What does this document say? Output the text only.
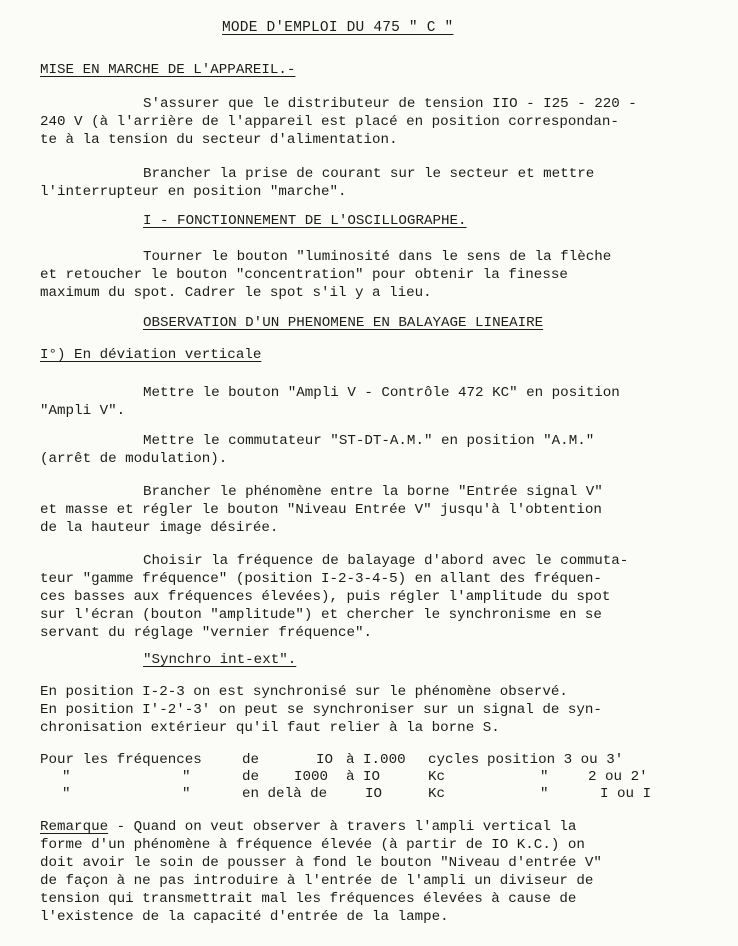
MODE D'EMPLOI DU 475 " C "
MISE EN MARCHE DE L'APPAREIL.-
S'assurer que le distributeur de tension IIO - I25 - 220 -
240 V (à l'arrière de l'appareil est placé en position correspondan-
te à la tension du secteur d'alimentation.
Brancher la prise de courant sur le secteur et mettre
l'interrupteur en position "marche".
I - FONCTIONNEMENT DE L'OSCILLOGRAPHE.
Tourner le bouton "luminosité dans le sens de la flèche
et retoucher le bouton "concentration" pour obtenir la finesse
maximum du spot. Cadrer le spot s'il y a lieu.
OBSERVATION D'UN PHENOMENE EN BALAYAGE LINEAIRE
I°) En déviation verticale
Mettre le bouton "Ampli V - Contrôle 472 KC" en position
"Ampli V".
Mettre le commutateur "ST-DT-A.M." en position "A.M."
(arrêt de modulation).
Brancher le phénomène entre la borne "Entrée signal V"
et masse et régler le bouton "Niveau Entrée V" jusqu'à l'obtention
de la hauteur image désirée.
Choisir la fréquence de balayage d'abord avec le commuta-
teur "gamme fréquence" (position I-2-3-4-5) en allant des fréquen-
ces basses aux fréquences élevées), puis régler l'amplitude du spot
sur l'écran (bouton "amplitude") et chercher le synchronisme en se
servant du réglage "vernier fréquence".
"Synchro int-ext".
En position I-2-3 on est synchronisé sur le phénomène observé.
En position I'-2'-3' on peut se synchroniser sur un signal de syn-
chronisation extérieur qu'il faut relier à la borne S.
Pour les fréquences	de	IO à I.000 cycles position 3 ou 3'
"	"	de I000 à IO	Kc	"	2 ou 2'
"	"	en delà de	IO	Kc	"	I ou I
Remarque - Quand on veut observer à travers l'ampli vertical la
forme d'un phénomène à fréquence élevée (à partir de IO K.C.) on
doit avoir le soin de pousser à fond le bouton "Niveau d'entrée V"
de façon à ne pas introduire à l'entrée de l'ampli un diviseur de
tension qui transmettrait mal les fréquences élevées à cause de
l'existence de la capacité d'entrée de la lampe.
